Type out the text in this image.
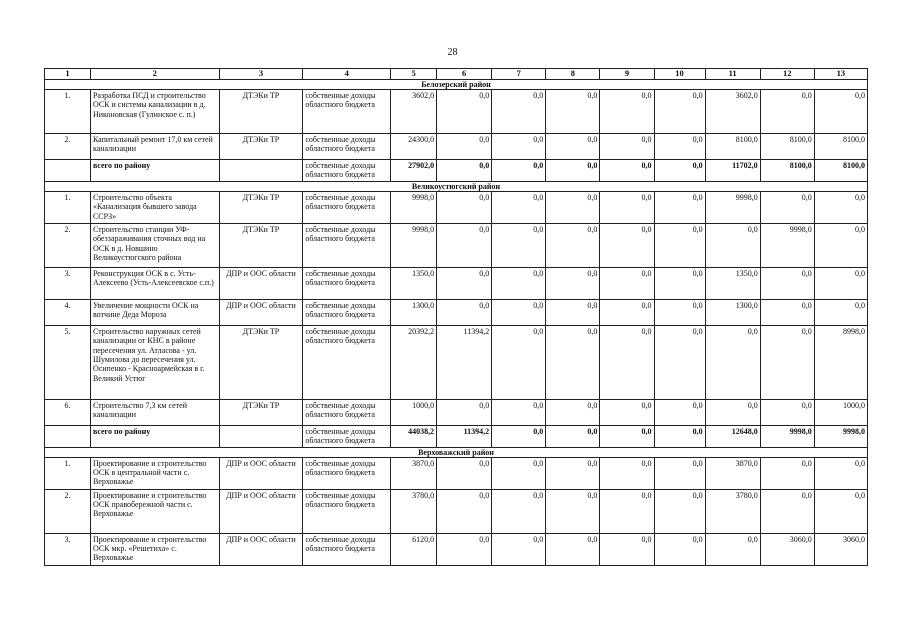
28
1	2	3	4	5	6	7	8	9	10	11	12	13
Белозерский район												
1.	Разработка ПСД и строительство ОСК и системы канализации в д. Никоновская (Гулинское с. п.)	ДТЭКи ТР	собственные доходы областного бюджета	3602,0	0,0	0,0	0,0	0,0	0,0	3602,0	0,0	0,0
2.	Капитальный ремонт 17,0 км сетей канализации	ДТЭКи ТР	собственные доходы областного бюджета	24300,0	0,0	0,0	0,0	0,0	0,0	8100,0	8100,0	8100,0
	всего по району		собственные доходы областного бюджета	27902,0	0,0	0,0	0,0	0,0	0,0	11702,0	8100,0	8100,0
Великоустюгский район												
1.	Строительство объекта «Канализация бывшего завода ССРЗ»	ДТЭКи ТР	собственные доходы областного бюджета	9998,0	0,0	0,0	0,0	0,0	0,0	9998,0	0,0	0,0
2.	Строительство станции УФ-обеззараживания сточных вод на ОСК в д. Новшино Великоустюгского района	ДТЭКи ТР	собственные доходы областного бюджета	9998,0	0,0	0,0	0,0	0,0	0,0	0,0	9998,0	0,0
3.	Реконструкция ОСК в с. Усть-Алексеево (Усть-Алексеевское с.п.)	ДПР и ООС области	собственные доходы областного бюджета	1350,0	0,0	0,0	0,0	0,0	0,0	1350,0	0,0	0,0
4.	Увеличение мощности ОСК на вотчине Деда Мороза	ДПР и ООС области	собственные доходы областного бюджета	1300,0	0,0	0,0	0,0	0,0	0,0	1300,0	0,0	0,0
5.	Строительство наружных сетей канализации от КНС в районе пересечения ул. Атласова - ул. Шумилова до пересечения ул. Осипенко - Красноармейская в г. Великий Устюг	ДТЭКи ТР	собственные доходы областного бюджета	20392,2	11394,2	0,0	0,0	0,0	0,0	0,0	0,0	8998,0
6.	Строительство 7,3 км сетей канализации	ДТЭКи ТР	собственные доходы областного бюджета	1000,0	0,0	0,0	0,0	0,0	0,0	0,0	0,0	1000,0
	всего по району		собственные доходы областного бюджета	44038,2	11394,2	0,0	0,0	0,0	0,0	12648,0	9998,0	9998,0
Верховажский район												
1.	Проектирование и строительство ОСК в центральной части с. Верховажье	ДПР и ООС области	собственные доходы областного бюджета	3870,0	0,0	0,0	0,0	0,0	0,0	3870,0	0,0	0,0
2.	Проектирование и строительство ОСК правобережной части с. Верховажье	ДПР и ООС области	собственные доходы областного бюджета	3780,0	0,0	0,0	0,0	0,0	0,0	3780,0	0,0	0,0
3.	Проектирование и строительство ОСК мкр. «Решетиха» с. Верховажье	ДПР и ООС области	собственные доходы областного бюджета	6120,0	0,0	0,0	0,0	0,0	0,0	0,0	3060,0	3060,0
